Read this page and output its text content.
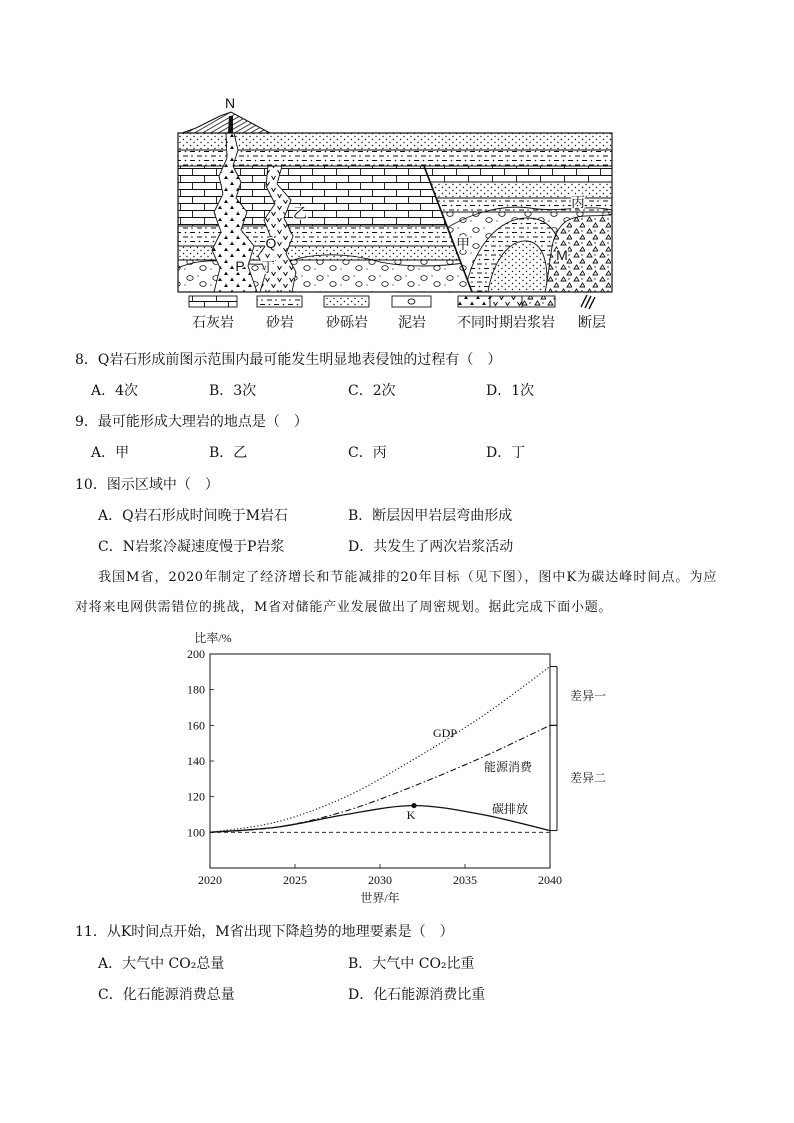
N
乙
Q
丁
P
甲
丙
M
石灰岩 砂岩 砂砾岩 泥岩 不同时期岩浆岩 断层
8．Q岩石形成前图示范围内最可能发生明显地表侵蚀的过程有（　）
A．4次	B．3次	C．2次	D．1次
9．最可能形成大理岩的地点是（　）
A．甲	B．乙	C．丙	D．丁
10．图示区域中（　）
A．Q岩石形成时间晚于M岩石	B．断层因甲岩层弯曲形成
C．N岩浆冷凝速度慢于P岩浆	D．共发生了两次岩浆活动
我国M省，2020年制定了经济增长和节能减排的20年目标（见下图），图中K为碳达峰时间点。为应
对将来电网供需错位的挑战，M省对储能产业发展做出了周密规划。据此完成下面小题。
100
120
140
160
180
200
2020	2025	2030	2035	2040
比率/%
世界/年
GDP
能源消费
碳排放
K
差异一
差异二
11．从K时间点开始，M省出现下降趋势的地理要素是（　）
A．大气中 CO₂总量	B．大气中 CO₂比重
C．化石能源消费总量	D．化石能源消费比重
